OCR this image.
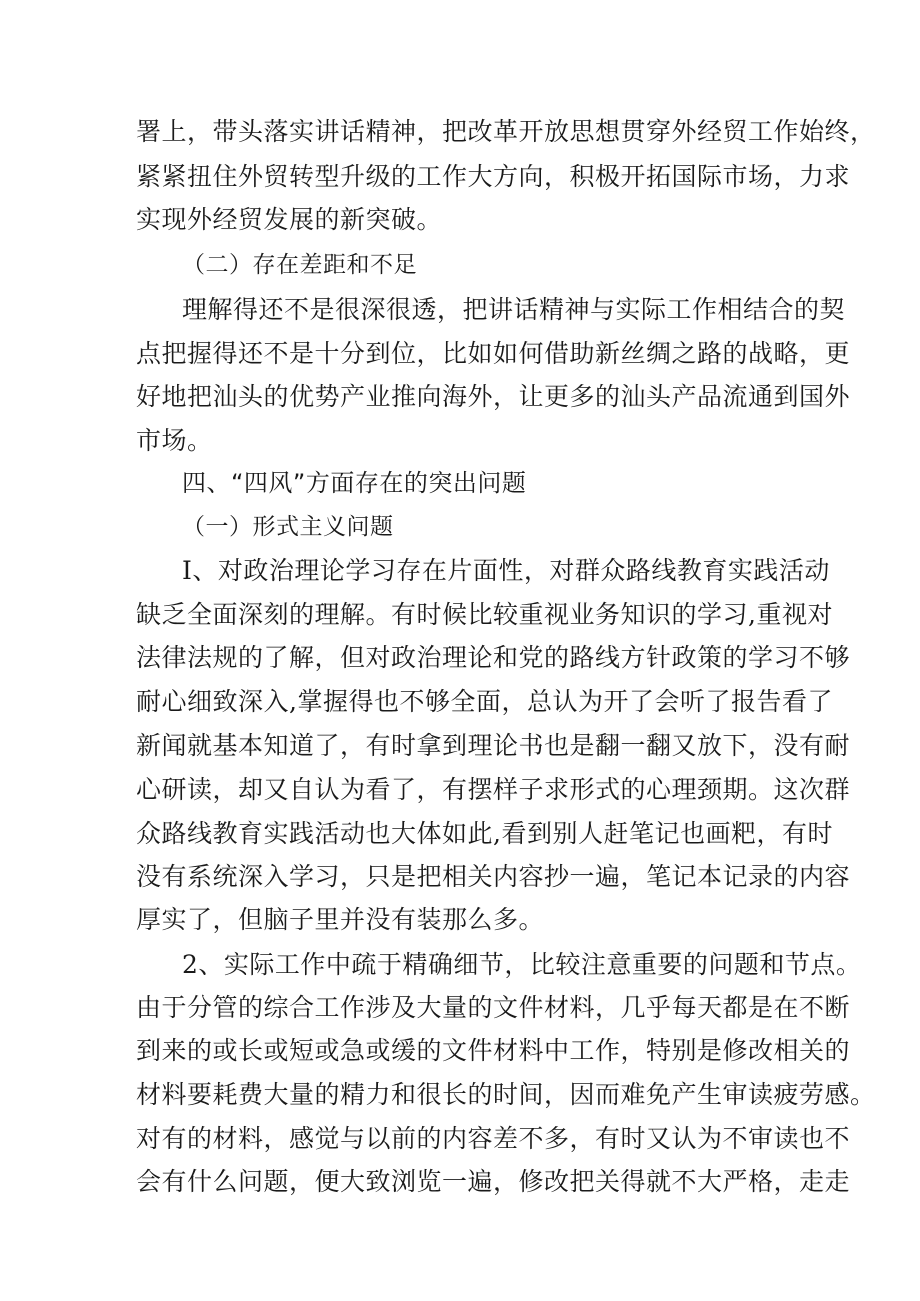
署上，带头落实讲话精神，把改革开放思想贯穿外经贸工作始终，

紧紧扭住外贸转型升级的工作大方向，积极开拓国际市场，力求

实现外经贸发展的新突破。

（二）存在差距和不足

理解得还不是很深很透，把讲话精神与实际工作相结合的契

点把握得还不是十分到位，比如如何借助新丝绸之路的战略，更

好地把汕头的优势产业推向海外，让更多的汕头产品流通到国外

市场。

四、“四风”方面存在的突出问题

（一）形式主义问题

I、对政治理论学习存在片面性，对群众路线教育实践活动

缺乏全面深刻的理解。有时候比较重视业务知识的学习,重视对

法律法规的了解，但对政治理论和党的路线方针政策的学习不够

耐心细致深入,掌握得也不够全面，总认为开了会听了报告看了

新闻就基本知道了，有时拿到理论书也是翻一翻又放下，没有耐

心研读，却又自认为看了，有摆样子求形式的心理颈期。这次群

众路线教育实践活动也大体如此,看到别人赶笔记也画粑，有时

没有系统深入学习，只是把相关内容抄一遍，笔记本记录的内容

厚实了，但脑子里并没有装那么多。

2、实际工作中疏于精确细节，比较注意重要的问题和节点。

由于分管的综合工作涉及大量的文件材料，几乎每天都是在不断

到来的或长或短或急或缓的文件材料中工作，特别是修改相关的

材料要耗费大量的精力和很长的时间，因而难免产生审读疲劳感。

对有的材料，感觉与以前的内容差不多，有时又认为不审读也不

会有什么问题，便大致浏览一遍，修改把关得就不大严格，走走
